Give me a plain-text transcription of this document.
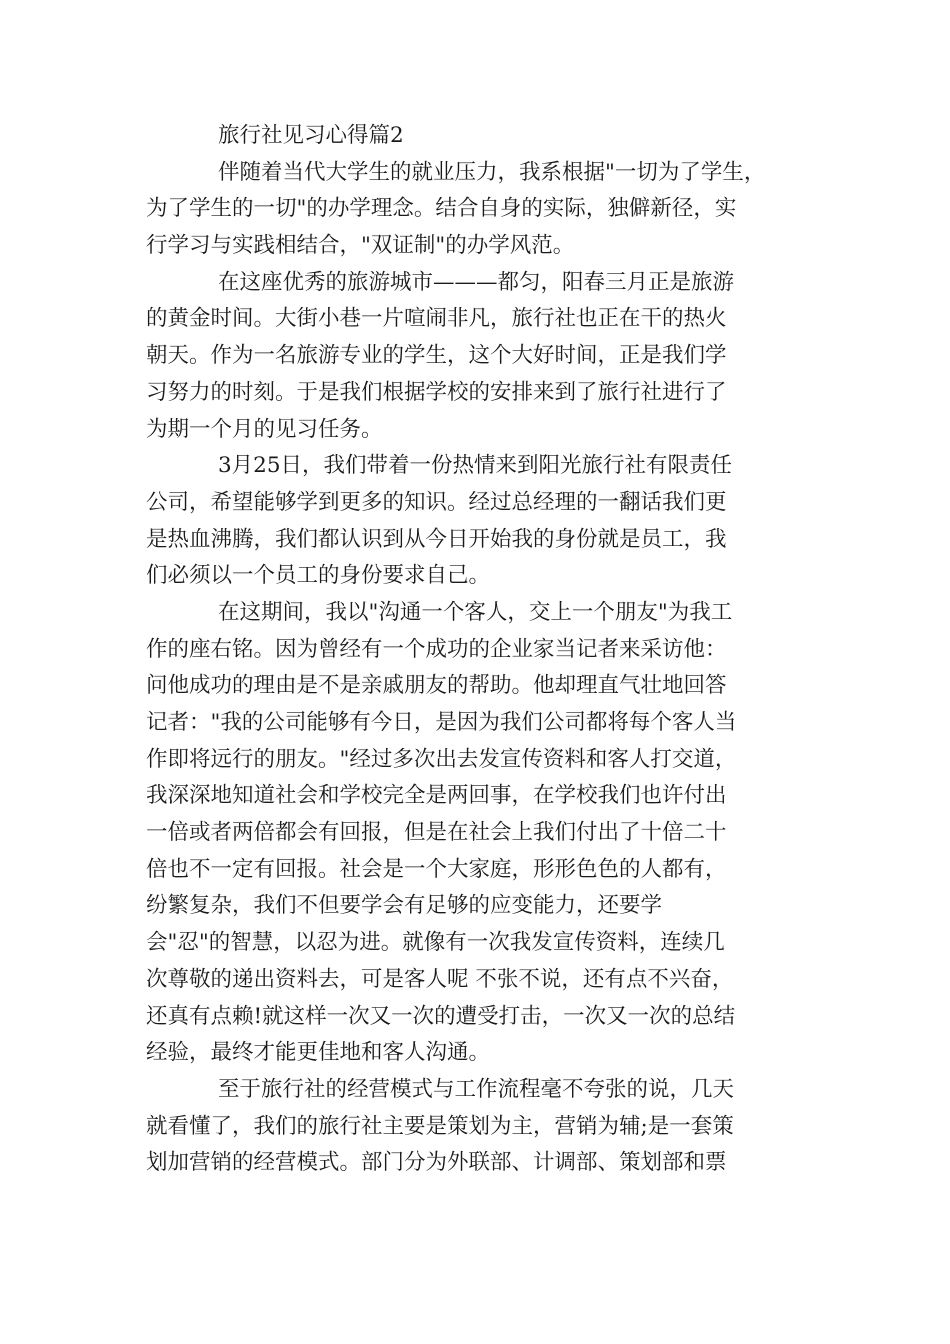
旅行社见习心得篇2
伴随着当代大学生的就业压力，我系根据"一切为了学生，
为了学生的一切"的办学理念。结合自身的实际，独僻新径，实
行学习与实践相结合，"双证制"的办学风范。
在这座优秀的旅游城市———都匀，阳春三月正是旅游
的黄金时间。大街小巷一片喧闹非凡，旅行社也正在干的热火
朝天。作为一名旅游专业的学生，这个大好时间，正是我们学
习努力的时刻。于是我们根据学校的安排来到了旅行社进行了
为期一个月的见习任务。
3月25日，我们带着一份热情来到阳光旅行社有限责任
公司，希望能够学到更多的知识。经过总经理的一翻话我们更
是热血沸腾，我们都认识到从今日开始我的身份就是员工，我
们必须以一个员工的身份要求自己。
在这期间，我以"沟通一个客人，交上一个朋友"为我工
作的座右铭。因为曾经有一个成功的企业家当记者来采访他：
问他成功的理由是不是亲戚朋友的帮助。他却理直气壮地回答
记者："我的公司能够有今日，是因为我们公司都将每个客人当
作即将远行的朋友。"经过多次出去发宣传资料和客人打交道，
我深深地知道社会和学校完全是两回事，在学校我们也许付出
一倍或者两倍都会有回报，但是在社会上我们付出了十倍二十
倍也不一定有回报。社会是一个大家庭，形形色色的人都有，
纷繁复杂，我们不但要学会有足够的应变能力，还要学
会"忍"的智慧，以忍为进。就像有一次我发宣传资料，连续几
次尊敬的递出资料去，可是客人呢 不张不说，还有点不兴奋，
还真有点赖!就这样一次又一次的遭受打击，一次又一次的总结
经验，最终才能更佳地和客人沟通。
至于旅行社的经营模式与工作流程毫不夸张的说，几天
就看懂了，我们的旅行社主要是策划为主，营销为辅;是一套策
划加营销的经营模式。部门分为外联部、计调部、策划部和票
